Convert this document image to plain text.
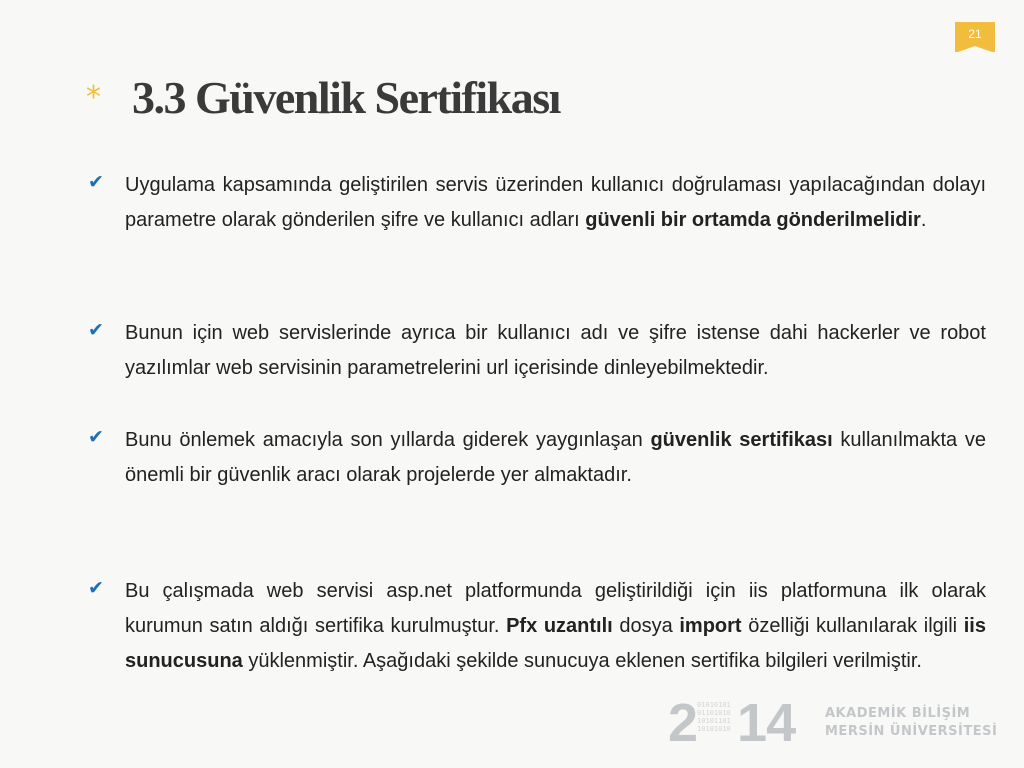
21
* 3.3 Güvenlik Sertifikası
✔ Uygulama kapsamında geliştirilen servis üzerinden kullanıcı doğrulaması yapılacağından dolayı parametre olarak gönderilen şifre ve kullanıcı adları güvenli bir ortamda gönderilmelidir.
✔ Bunun için web servislerinde ayrıca bir kullanıcı adı ve şifre istense dahi hackerler ve robot yazılımlar web servisinin parametrelerini url içerisinde dinleyebilmektedir.
✔ Bunu önlemek amacıyla son yıllarda giderek yaygınlaşan güvenlik sertifikası kullanılmakta ve önemli bir güvenlik aracı olarak projelerde yer almaktadır.
✔ Bu çalışmada web servisi asp.net platformunda geliştirildiği için iis platformuna ilk olarak kurumun satın aldığı sertifika kurulmuştur. Pfx uzantılı dosya import özelliği kullanılarak ilgili iis sunucusuna yüklenmiştir. Aşağıdaki şekilde sunucuya eklenen sertifika bilgileri verilmiştir.
201010101 01101010 10101101 10101010 14 AKADEMİK BİLİŞİM
MERSİN ÜNİVERSİTESİ
